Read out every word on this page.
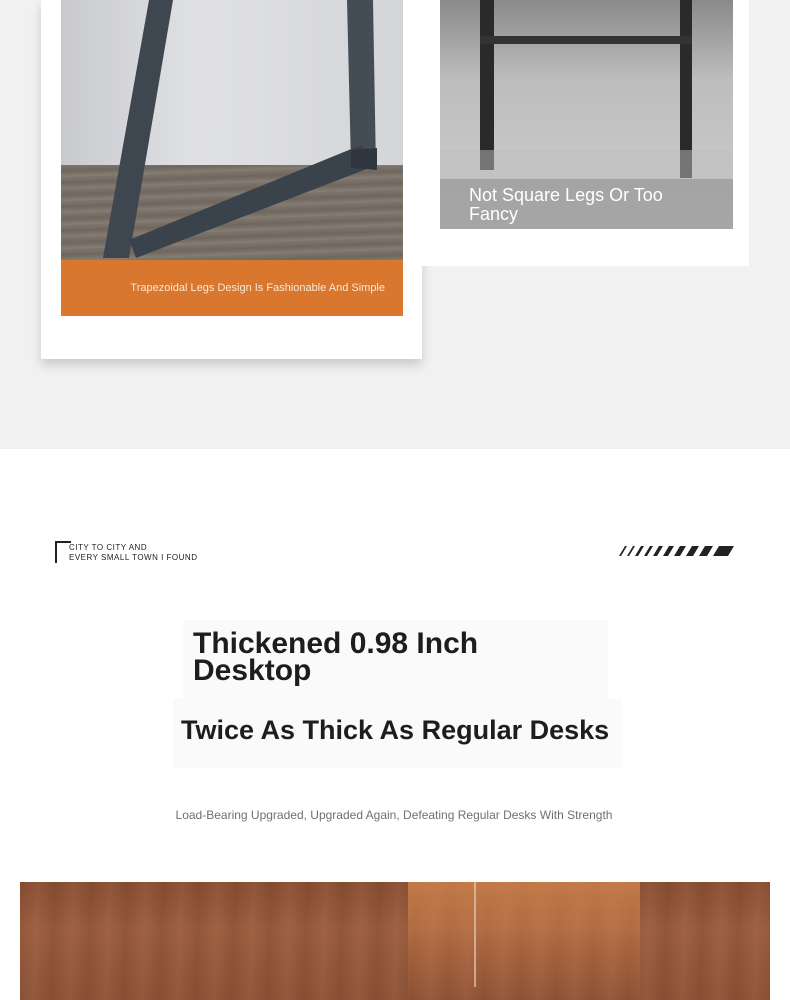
Trapezoidal Legs Design Is Fashionable And Simple
Not Square Legs Or Too Fancy
CITY TO CITY AND
EVERY SMALL TOWN I FOUND
Thickened 0.98 Inch Desktop
Twice As Thick As Regular Desks
Load-Bearing Upgraded, Upgraded Again, Defeating Regular Desks With Strength
